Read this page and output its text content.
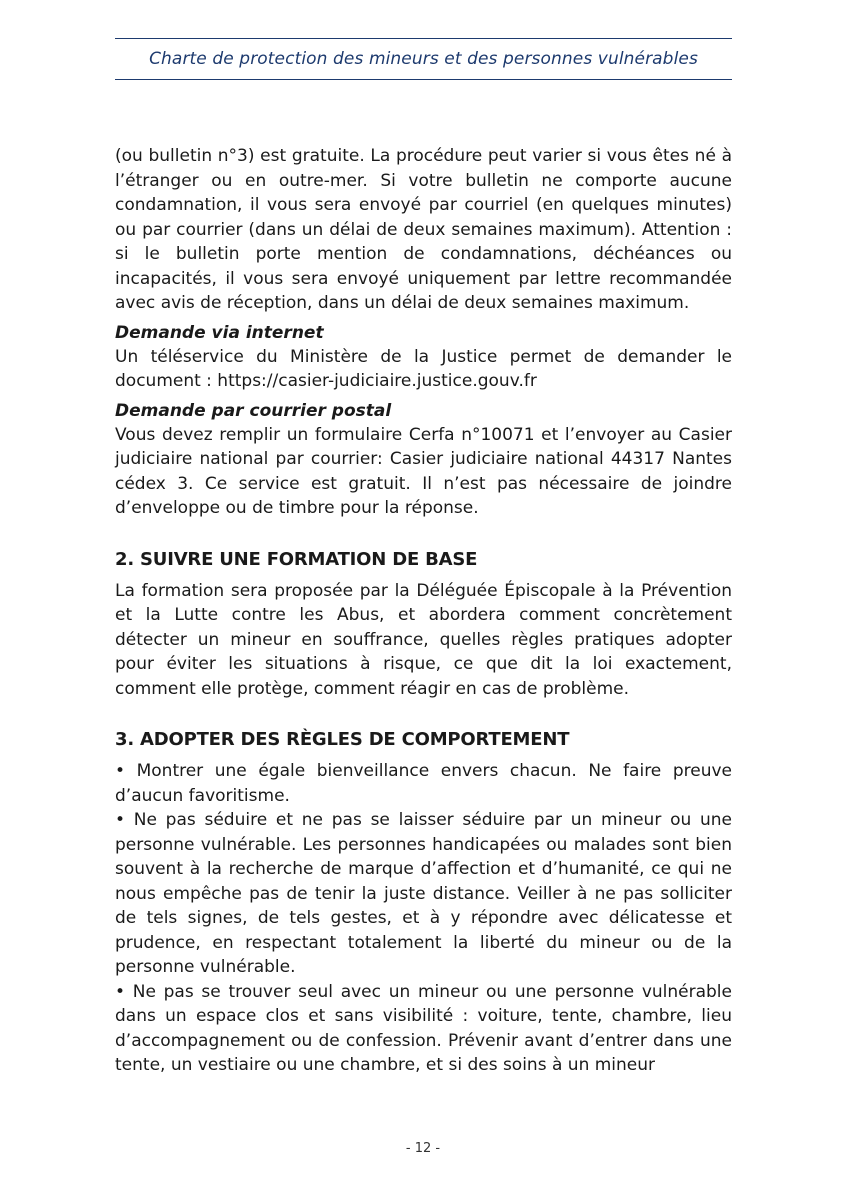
Charte de protection des mineurs et des personnes vulnérables

(ou bulletin n°3) est gratuite. La procédure peut varier si vous êtes né à l’étranger ou en outre-mer. Si votre bulletin ne comporte aucune condamnation, il vous sera envoyé par courriel (en quelques minutes) ou par courrier (dans un délai de deux semaines maximum). Attention : si le bulletin porte mention de condamnations, déchéances ou incapacités, il vous sera envoyé uniquement par lettre recommandée avec avis de réception, dans un délai de deux semaines maximum.

Demande via internet

Un téléservice du Ministère de la Justice permet de demander le document : https://casier-judiciaire.justice.gouv.fr

Demande par courrier postal

Vous devez remplir un formulaire Cerfa n°10071 et l’envoyer au Casier judiciaire national par courrier: Casier judiciaire national 44317 Nantes cédex 3. Ce service est gratuit. Il n’est pas nécessaire de joindre d’enveloppe ou de timbre pour la réponse.

2. SUIVRE UNE FORMATION DE BASE

La formation sera proposée par la Déléguée Épiscopale à la Prévention et la Lutte contre les Abus, et abordera comment concrètement détecter un mineur en souffrance, quelles règles pratiques adopter pour éviter les situations à risque, ce que dit la loi exactement, comment elle protège, comment réagir en cas de problème.

3. ADOPTER DES RÈGLES DE COMPORTEMENT

• Montrer une égale bienveillance envers chacun. Ne faire preuve d’aucun favoritisme.

• Ne pas séduire et ne pas se laisser séduire par un mineur ou une personne vulnérable. Les personnes handicapées ou malades sont bien souvent à la recherche de marque d’affection et d’humanité, ce qui ne nous empêche pas de tenir la juste distance. Veiller à ne pas solliciter de tels signes, de tels gestes, et à y répondre avec délicatesse et prudence, en respectant totalement la liberté du mineur ou de la personne vulnérable.

• Ne pas se trouver seul avec un mineur ou une personne vulnérable dans un espace clos et sans visibilité : voiture, tente, chambre, lieu d’accompagnement ou de confession. Prévenir avant d’entrer dans une tente, un vestiaire ou une chambre, et si des soins à un mineur

- 12 -
